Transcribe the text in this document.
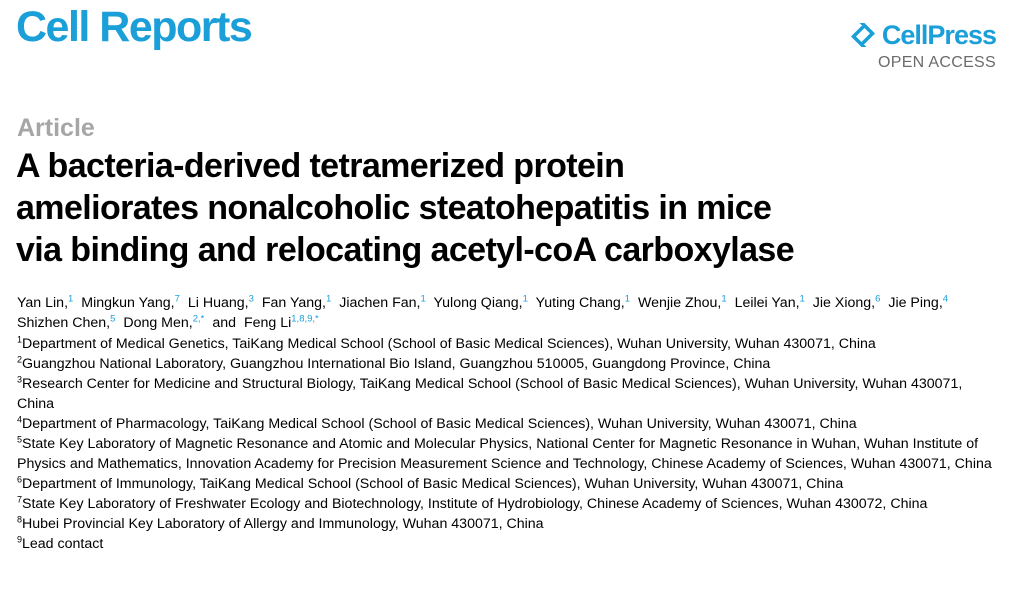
Cell Reports	CellPress
OPEN ACCESS
Article
A bacteria-derived tetramerized protein
ameliorates nonalcoholic steatohepatitis in mice
via binding and relocating acetyl-coA carboxylase
Yan Lin,$^1$ Mingkun Yang,$^7$ Li Huang,$^3$ Fan Yang,$^1$ Jiachen Fan,$^1$ Yulong Qiang,$^1$ Yuting Chang,$^1$ Wenjie Zhou,$^1$ Leilei Yan,$^1$ Jie Xiong,$^6$ Jie Ping,$^4$ Shizhen Chen,$^5$ Dong Men,$^{2,*}$ and Feng $Li^{1,8,9,*}$

$^1$Department of Medical Genetics, TaiKang Medical School (School of Basic Medical Sciences), Wuhan University, Wuhan 430071, China

$^2$Guangzhou National Laboratory, Guangzhou International Bio Island, Guangzhou 510005, Guangdong Province, China

$^3$Research Center for Medicine and Structural Biology, TaiKang Medical School (School of Basic Medical Sciences), Wuhan University, Wuhan 430071, China

$^4$Department of Pharmacology, TaiKang Medical School (School of Basic Medical Sciences), Wuhan University, Wuhan 430071, China

$^5$State Key Laboratory of Magnetic Resonance and Atomic and Molecular Physics, National Center for Magnetic Resonance in Wuhan, Wuhan Institute of Physics and Mathematics, Innovation Academy for Precision Measurement Science and Technology, Chinese Academy of Sciences, Wuhan 430071, China

$^6$Department of Immunology, TaiKang Medical School (School of Basic Medical Sciences), Wuhan University, Wuhan 430071, China

$^7$State Key Laboratory of Freshwater Ecology and Biotechnology, Institute of Hydrobiology, Chinese Academy of Sciences, Wuhan 430072, China

$^8$Hubei Provincial Key Laboratory of Allergy and Immunology, Wuhan 430071, China

$^9$Lead contact
